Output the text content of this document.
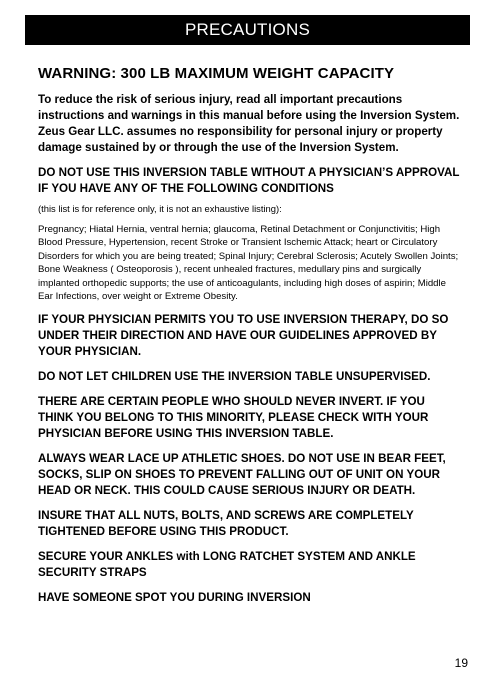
PRECAUTIONS
WARNING: 300 LB MAXIMUM WEIGHT CAPACITY

To reduce the risk of serious injury, read all important precautions instructions and warnings in this manual before using the Inversion System. Zeus Gear LLC. assumes no responsibility for personal injury or property damage sustained by or through the use of the Inversion System.

DO NOT USE THIS INVERSION TABLE WITHOUT A PHYSICIAN’S APPROVAL IF YOU HAVE ANY OF THE FOLLOWING CONDITIONS

(this list is for reference only, it is not an exhaustive listing):

Pregnancy; Hiatal Hernia, ventral hernia; glaucoma, Retinal Detachment or Conjunctivitis; High Blood Pressure, Hypertension, recent Stroke or Transient Ischemic Attack; heart or Circulatory Disorders for which you are being treated; Spinal Injury; Cerebral Sclerosis; Acutely Swollen Joints; Bone Weakness ( Osteoporosis ), recent unhealed fractures, medullary pins and surgically implanted orthopedic supports; the use of anticoagulants, including high doses of aspirin; Middle Ear Infections, over weight or Extreme Obesity.

IF YOUR PHYSICIAN PERMITS YOU TO USE INVERSION THERAPY, DO SO UNDER THEIR DIRECTION AND HAVE OUR GUIDELINES APPROVED BY YOUR PHYSICIAN.

DO NOT LET CHILDREN USE THE INVERSION TABLE UNSUPERVISED.

THERE ARE CERTAIN PEOPLE WHO SHOULD NEVER INVERT. IF YOU THINK YOU BELONG TO THIS MINORITY, PLEASE CHECK WITH YOUR PHYSICIAN BEFORE USING THIS INVERSION TABLE.

ALWAYS WEAR LACE UP ATHLETIC SHOES. DO NOT USE IN BEAR FEET, SOCKS, SLIP ON SHOES TO PREVENT FALLING OUT OF UNIT ON YOUR HEAD OR NECK. THIS COULD CAUSE SERIOUS INJURY OR DEATH.

INSURE THAT ALL NUTS, BOLTS, AND SCREWS ARE COMPLETELY TIGHTENED BEFORE USING THIS PRODUCT.

SECURE YOUR ANKLES with LONG RATCHET SYSTEM AND ANKLE SECURITY STRAPS

HAVE SOMEONE SPOT YOU DURING INVERSION

19
